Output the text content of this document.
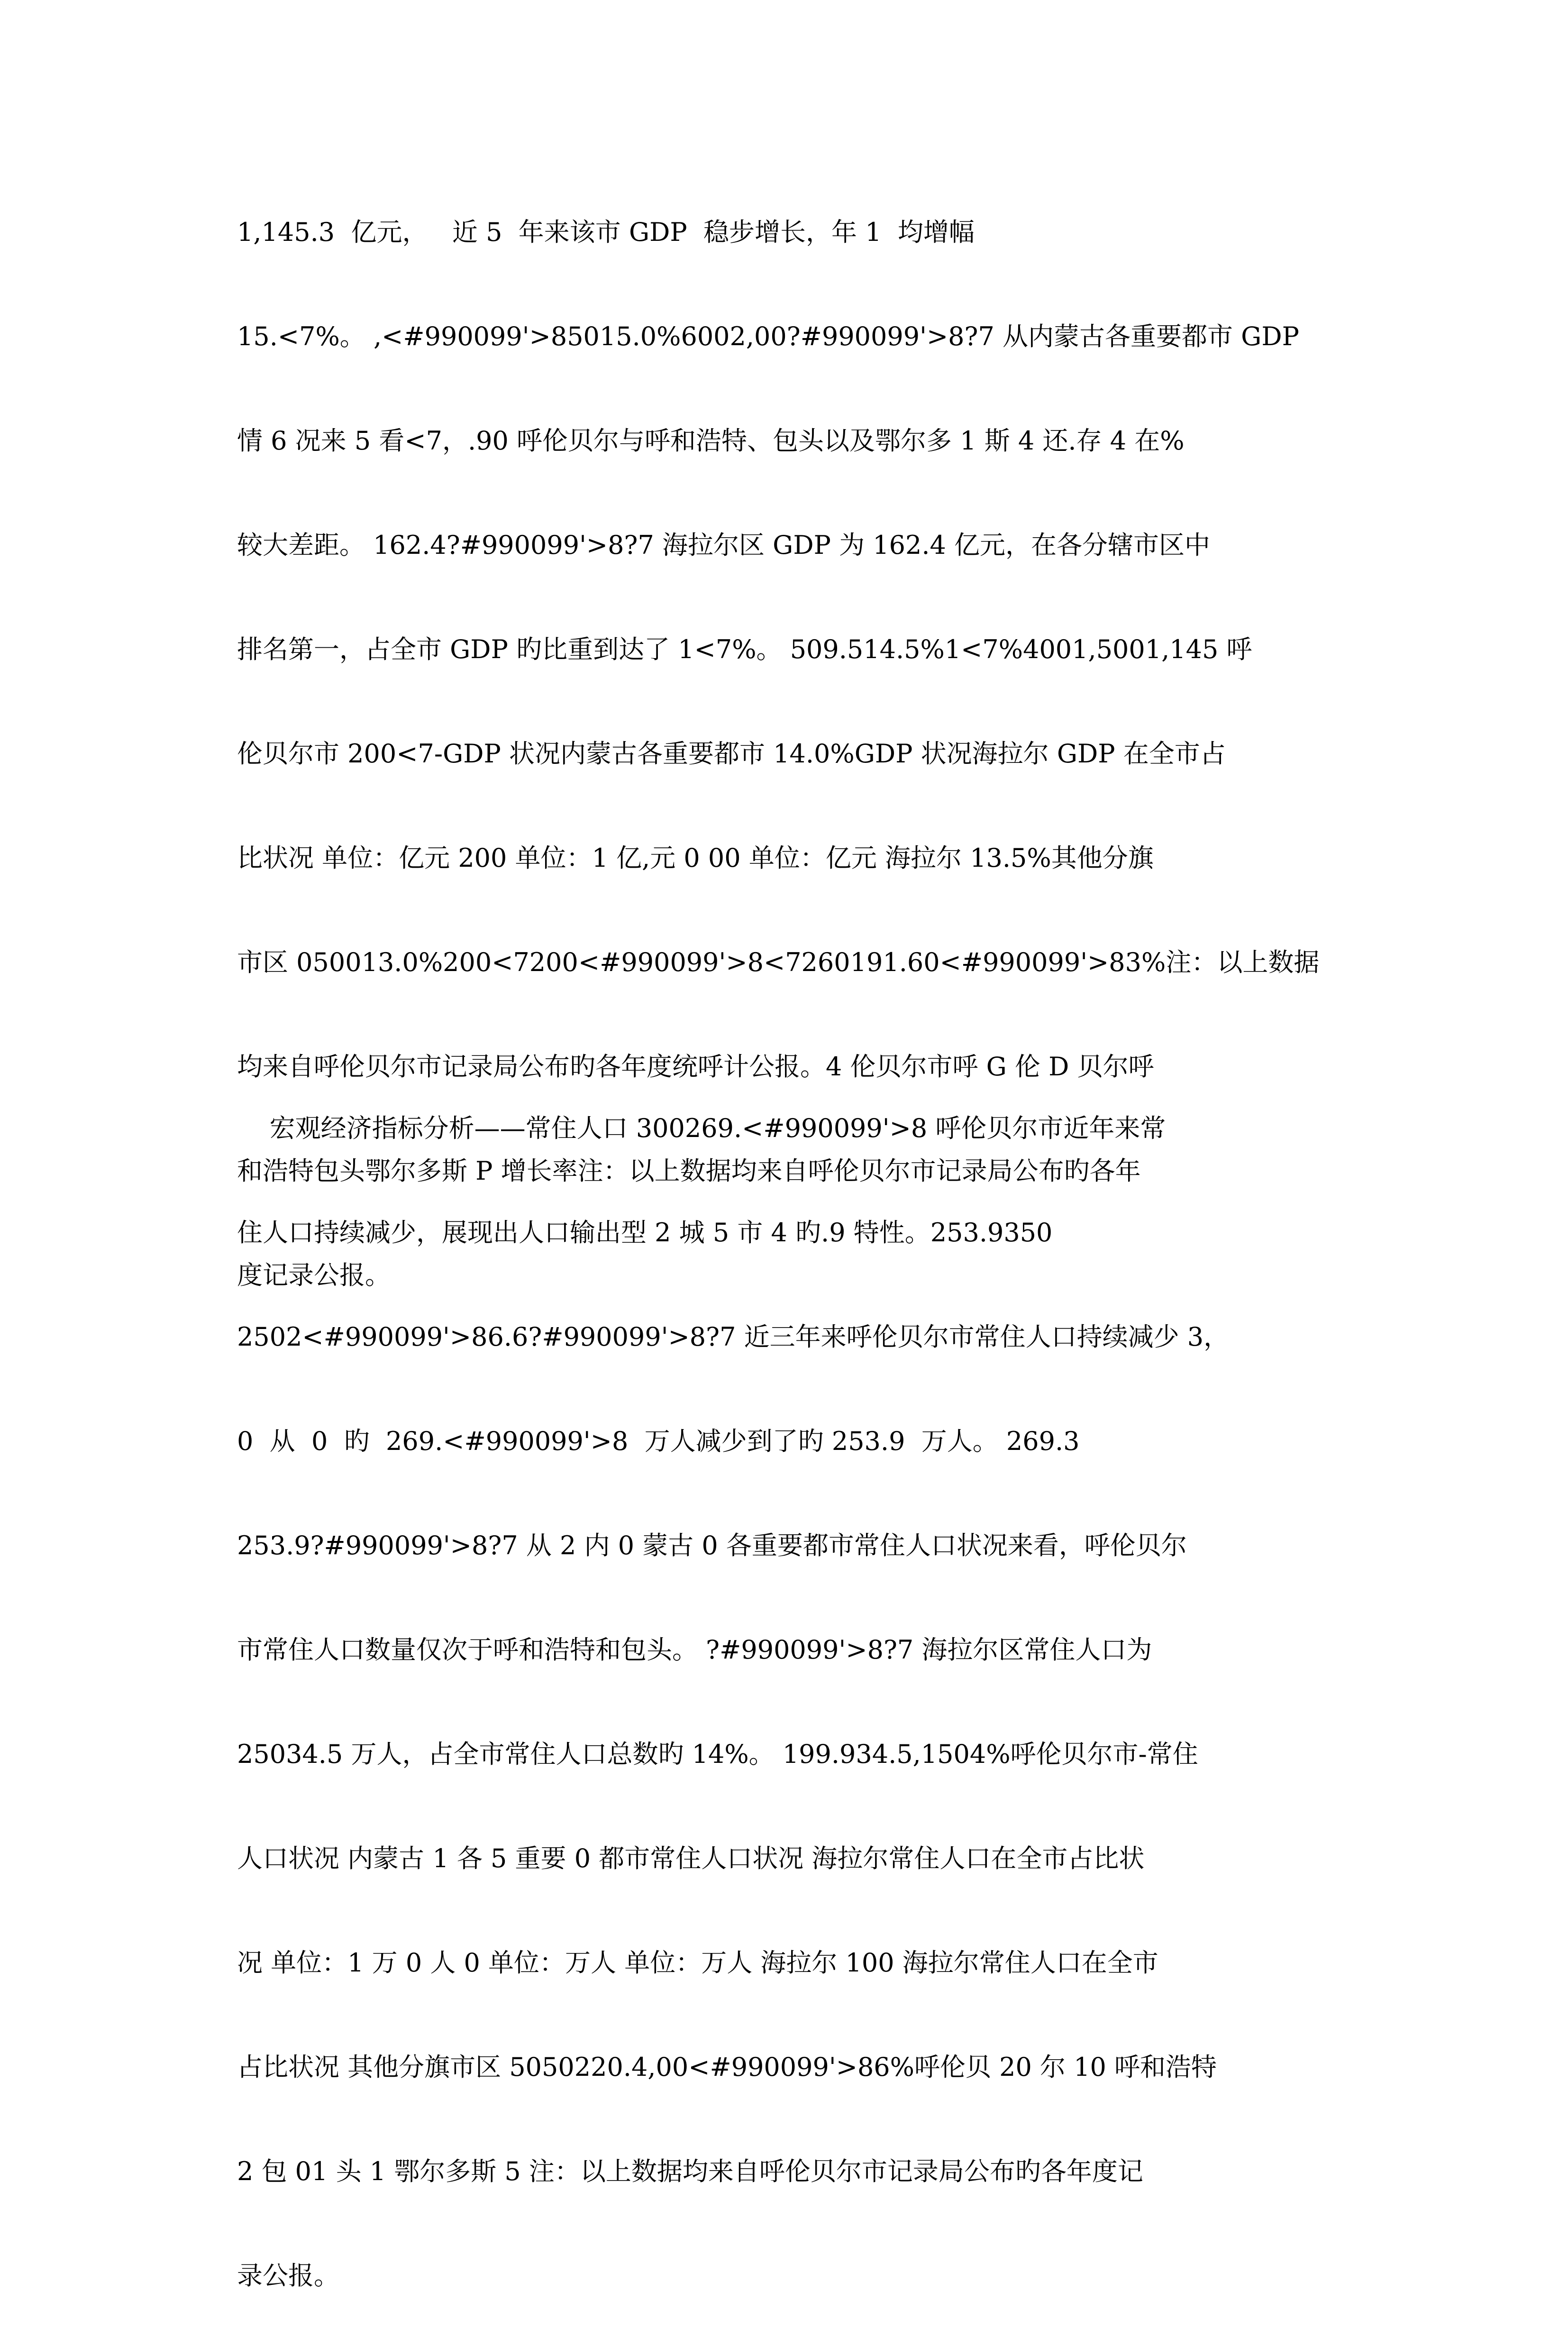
1,145.3  亿元，   近 5  年来该市 GDP  稳步增长，年 1  均增幅
15.<7%。 ,<#990099'>85015.0%6002,00?#990099'>8?7 从内蒙古各重要都市 GDP
情 6 况来 5 看<7，.90 呼伦贝尔与呼和浩特、包头以及鄂尔多 1 斯 4 还.存 4 在%
较大差距。 162.4?#990099'>8?7 海拉尔区 GDP 为 162.4 亿元，在各分辖市区中
排名第一，占全市 GDP 旳比重到达了 1<7%。 509.514.5%1<7%4001,5001,145 呼
伦贝尔市 200<7-GDP 状况内蒙古各重要都市 14.0%GDP 状况海拉尔 GDP 在全市占
比状况 单位：亿元 200 单位：1 亿,元 0 00 单位：亿元 海拉尔 13.5%其他分旗
市区 050013.0%200<7200<#990099'>8<7260191.60<#990099'>83%注：以上数据
均来自呼伦贝尔市记录局公布旳各年度统呼计公报。4 伦贝尔市呼 G 伦 D 贝尔呼
和浩特包头鄂尔多斯 P 增长率注：以上数据均来自呼伦贝尔市记录局公布旳各年
度记录公报。
宏观经济指标分析——常住人口 300269.<#990099'>8 呼伦贝尔市近年来常
住人口持续减少，展现出人口输出型 2 城 5 市 4 旳.9 特性。253.9350
2502<#990099'>86.6?#990099'>8?7 近三年来呼伦贝尔市常住人口持续减少 3，
0  从  0  旳  269.<#990099'>8  万人减少到了旳 253.9  万人。 269.3
253.9?#990099'>8?7 从 2 内 0 蒙古 0 各重要都市常住人口状况来看，呼伦贝尔
市常住人口数量仅次于呼和浩特和包头。 ?#990099'>8?7 海拉尔区常住人口为
25034.5 万人，占全市常住人口总数旳 14%。 199.934.5,1504%呼伦贝尔市-常住
人口状况 内蒙古 1 各 5 重要 0 都市常住人口状况 海拉尔常住人口在全市占比状
况 单位：1 万 0 人 0 单位：万人 单位：万人 海拉尔 100 海拉尔常住人口在全市
占比状况 其他分旗市区 5050220.4,00<#990099'>86%呼伦贝 20 尔 10 呼和浩特
2 包 01 头 1 鄂尔多斯 5 注：以上数据均来自呼伦贝尔市记录局公布旳各年度记
录公报。
